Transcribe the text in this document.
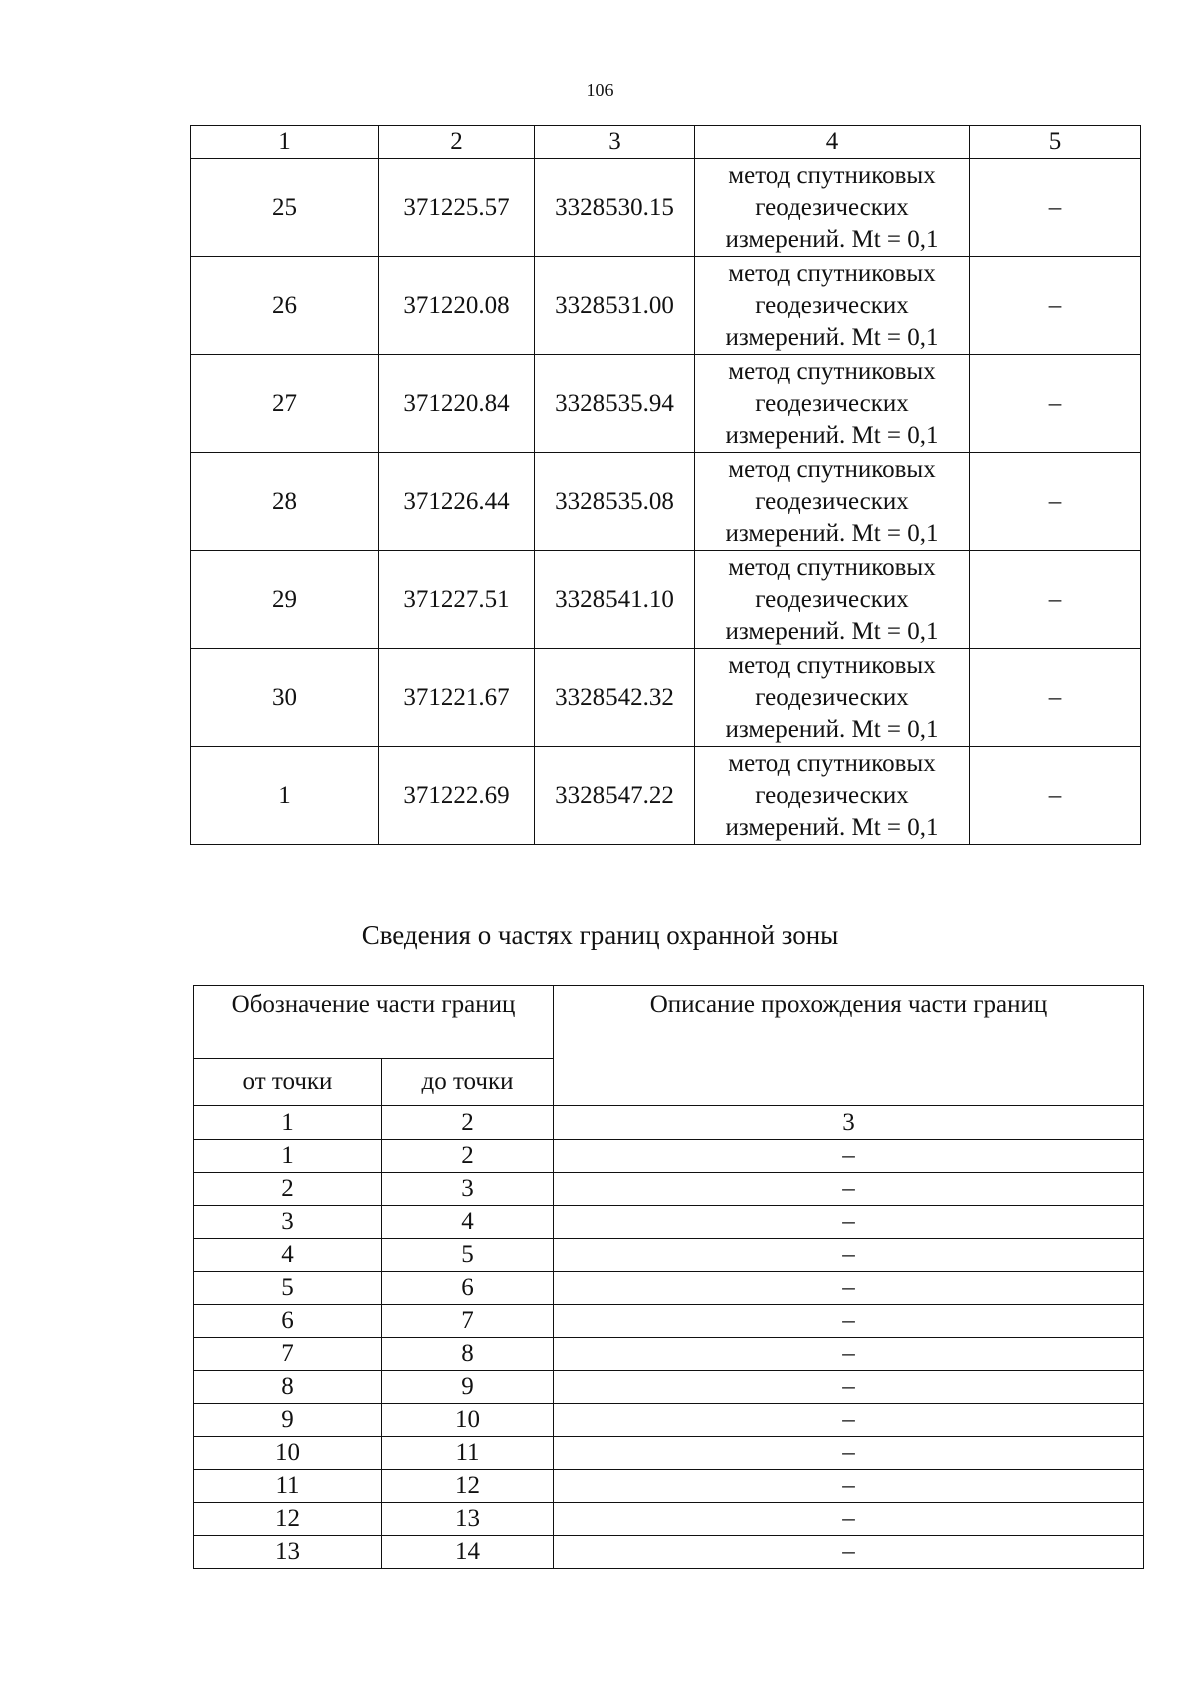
106
1	2	3	4	5
25	371225.57	3328530.15	метод спутниковых
геодезических
измерений. Mt = 0,1	–
26	371220.08	3328531.00	метод спутниковых
геодезических
измерений. Mt = 0,1	–
27	371220.84	3328535.94	метод спутниковых
геодезических
измерений. Mt = 0,1	–
28	371226.44	3328535.08	метод спутниковых
геодезических
измерений. Mt = 0,1	–
29	371227.51	3328541.10	метод спутниковых
геодезических
измерений. Mt = 0,1	–
30	371221.67	3328542.32	метод спутниковых
геодезических
измерений. Mt = 0,1	–
1	371222.69	3328547.22	метод спутниковых
геодезических
измерений. Mt = 0,1	–
Сведения о частях границ охранной зоны
Обозначение части границ		Описание прохождения части границ
от точки	до точки	
1	2	3
1	2	–
2	3	–
3	4	–
4	5	–
5	6	–
6	7	–
7	8	–
8	9	–
9	10	–
10	11	–
11	12	–
12	13	–
13	14	–
